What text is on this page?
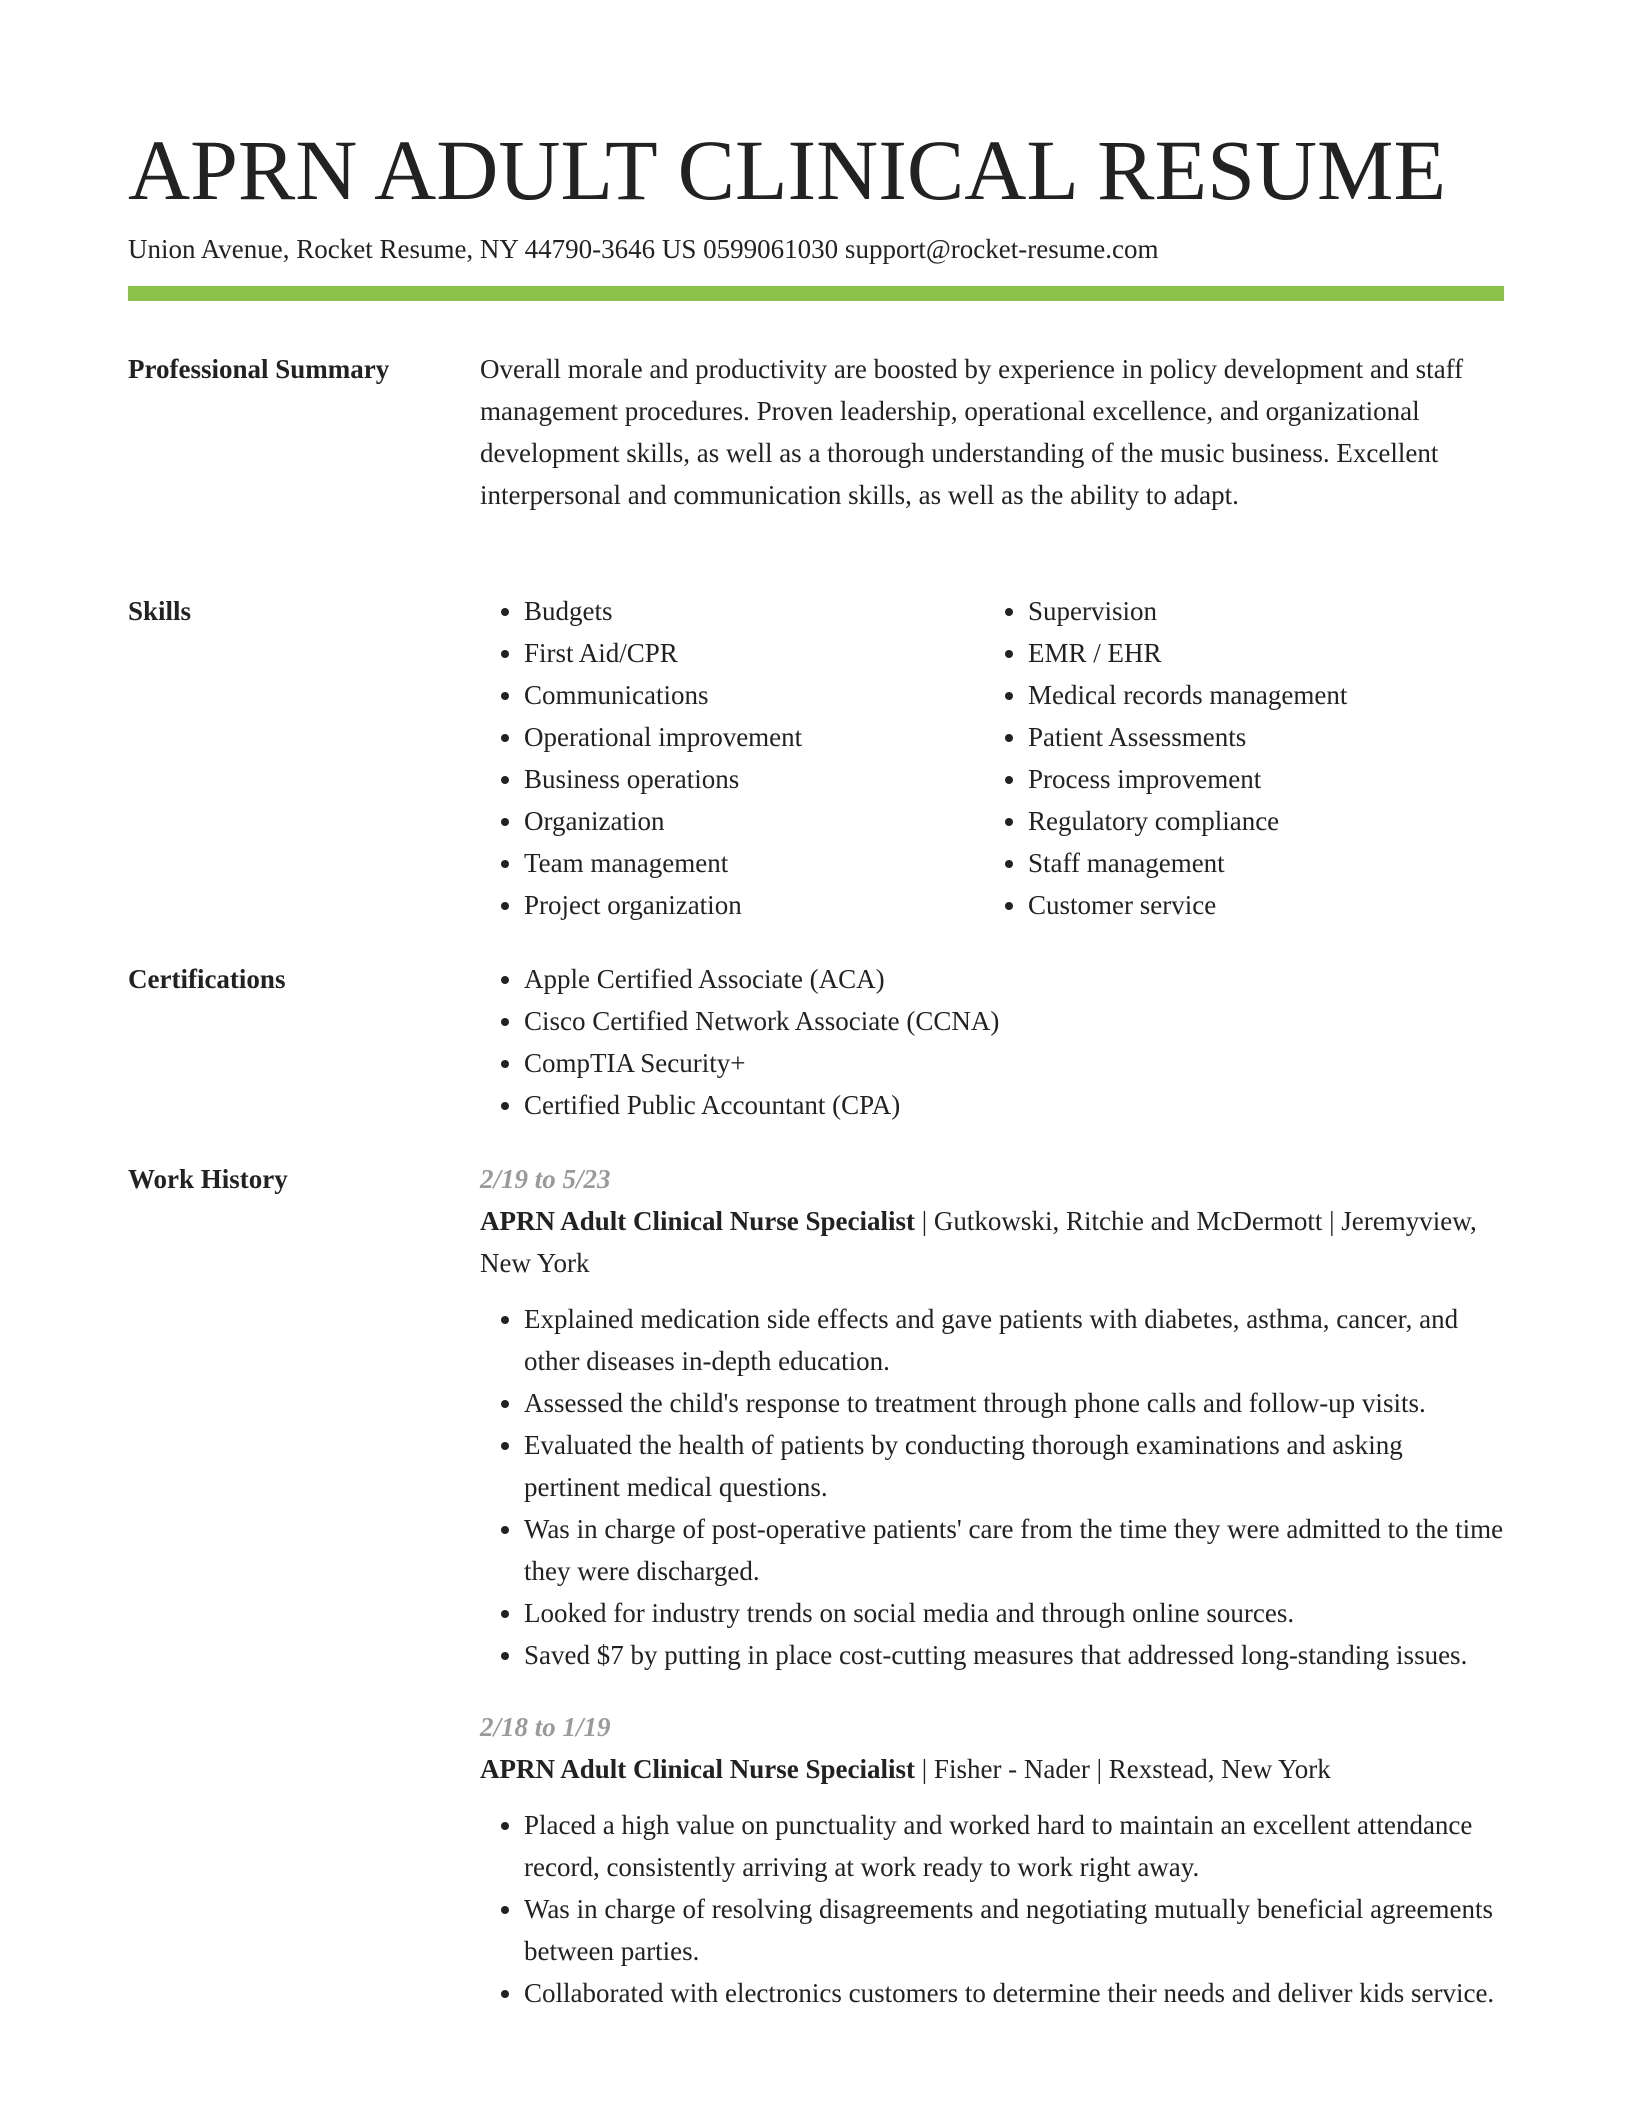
APRN ADULT CLINICAL RESUME
Union Avenue, Rocket Resume, NY 44790-3646 US 0599061030 support@rocket-resume.com
Professional Summary	Overall morale and productivity are boosted by experience in policy development and staff management procedures. Proven leadership, operational excellence, and organizational development skills, as well as a thorough understanding of the music business. Excellent interpersonal and communication skills, as well as the ability to adapt.

Skills	• Budgets
• First Aid/CPR
• Communications
• Operational improvement
• Business operations
• Organization
• Team management
• Project organization
• Supervision
• EMR / EHR
• Medical records management
• Patient Assessments
• Process improvement
• Regulatory compliance
• Staff management
• Customer service
Certifications	• Apple Certified Associate (ACA)
• Cisco Certified Network Associate (CCNA)
• CompTIA Security+
• Certified Public Accountant (CPA)
Work History	2/19 to 5/23
APRN Adult Clinical Nurse Specialist | Gutkowski, Ritchie and McDermott | Jeremyview, New York
• Explained medication side effects and gave patients with diabetes, asthma, cancer, and other diseases in-depth education.
• Assessed the child's response to treatment through phone calls and follow-up visits.
• Evaluated the health of patients by conducting thorough examinations and asking pertinent medical questions.
• Was in charge of post-operative patients' care from the time they were admitted to the time they were discharged.
• Looked for industry trends on social media and through online sources.
• Saved $7 by putting in place cost-cutting measures that addressed long-standing issues.
2/18 to 1/19
APRN Adult Clinical Nurse Specialist | Fisher - Nader | Rexstead, New York
• Placed a high value on punctuality and worked hard to maintain an excellent attendance record, consistently arriving at work ready to work right away.
• Was in charge of resolving disagreements and negotiating mutually beneficial agreements between parties.
• Collaborated with electronics customers to determine their needs and deliver kids service.
